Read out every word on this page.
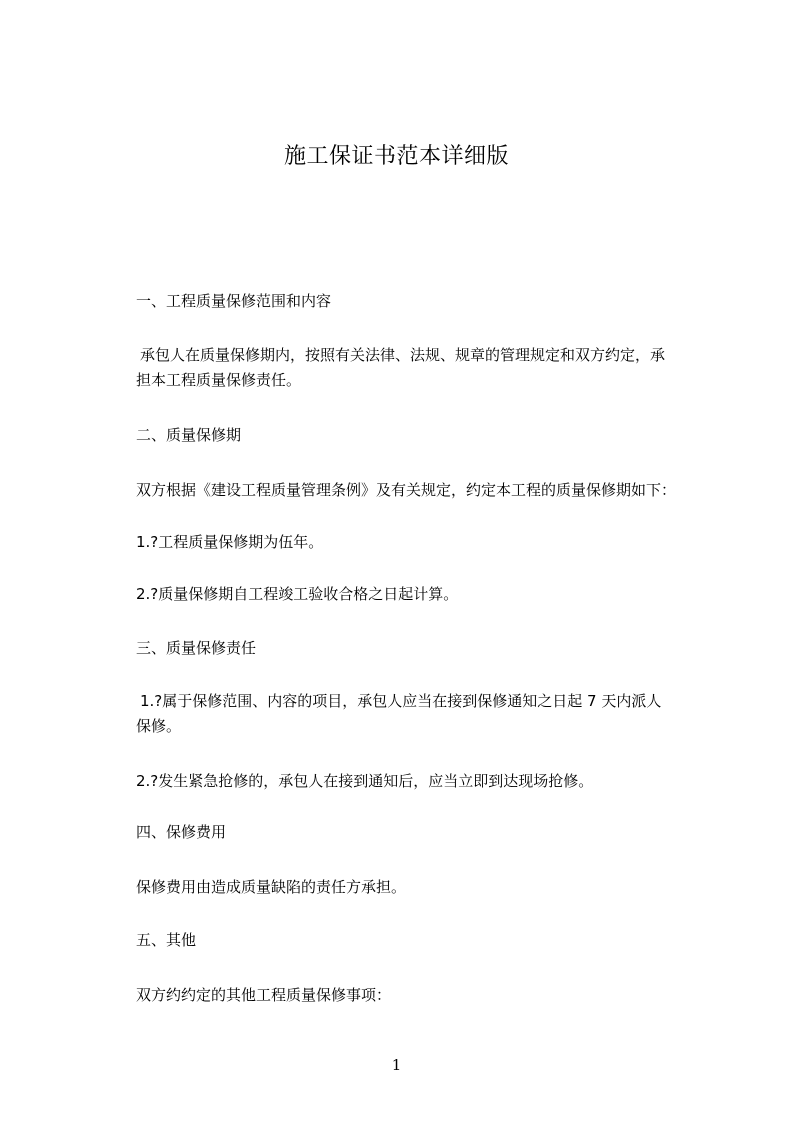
施工保证书范本详细版
一、工程质量保修范围和内容
承包人在质量保修期内，按照有关法律、法规、规章的管理规定和双方约定，承
担本工程质量保修责任。
二、质量保修期
双方根据《建设工程质量管理条例》及有关规定，约定本工程的质量保修期如下：
1.?工程质量保修期为伍年。
2.?质量保修期自工程竣工验收合格之日起计算。
三、质量保修责任
1.?属于保修范围、内容的项目，承包人应当在接到保修通知之日起 7 天内派人
保修。
2.?发生紧急抢修的，承包人在接到通知后，应当立即到达现场抢修。
四、保修费用
保修费用由造成质量缺陷的责任方承担。
五、其他
双方约约定的其他工程质量保修事项：
1
